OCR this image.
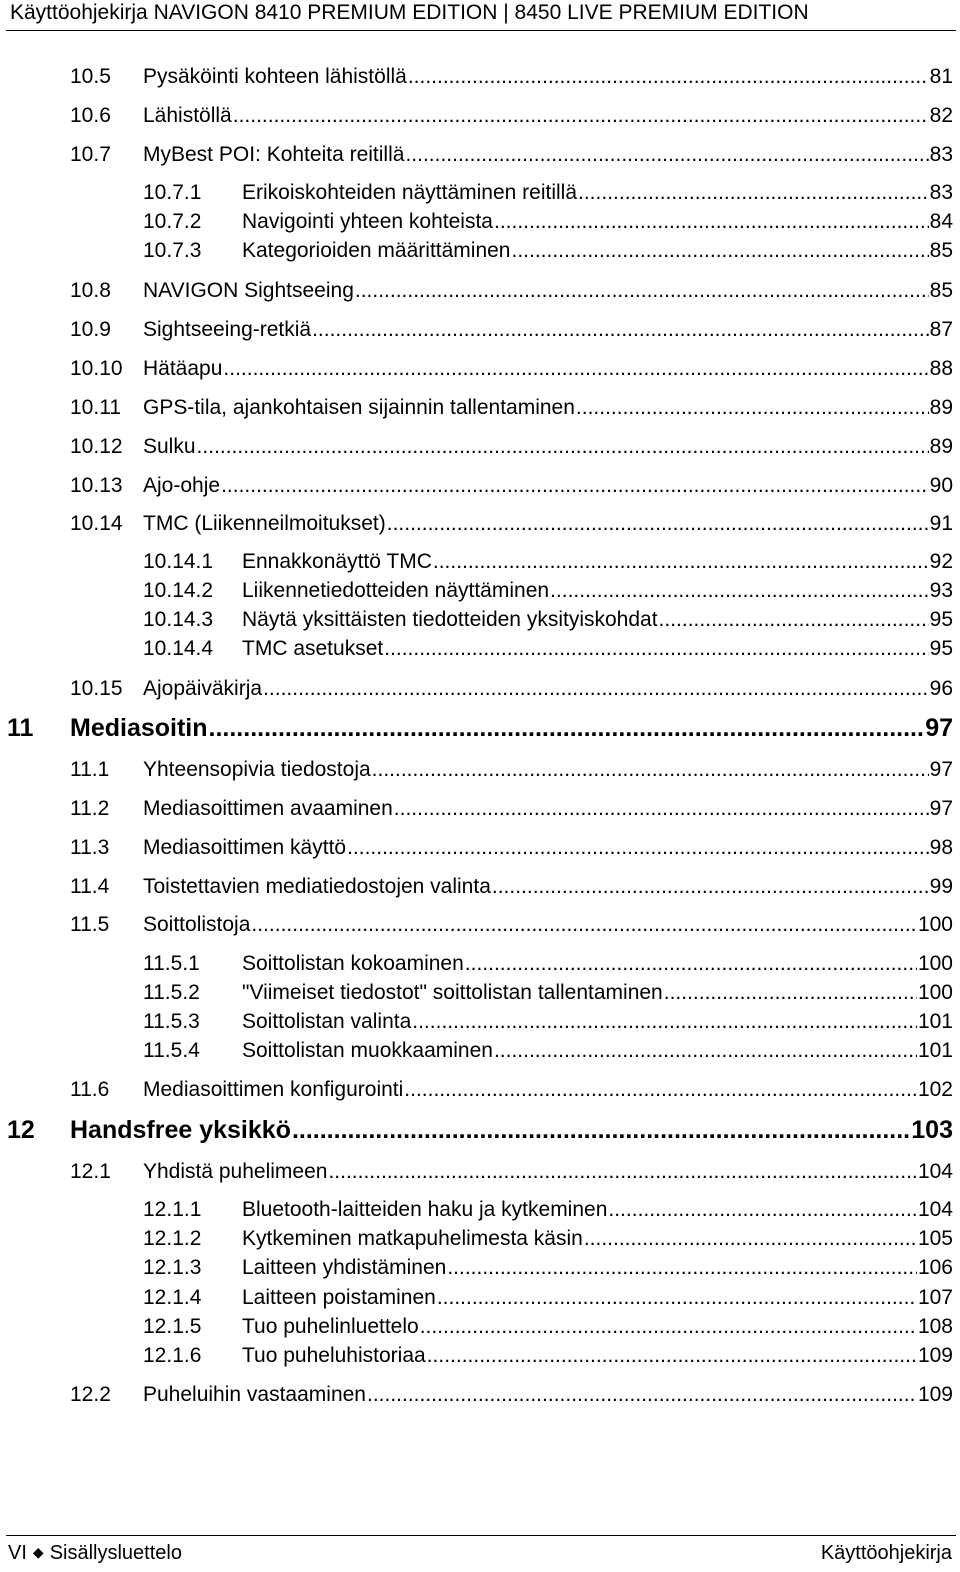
Käyttöohjekirja NAVIGON 8410 PREMIUM EDITION | 8450 LIVE PREMIUM EDITION
10.5	Pysäköinti kohteen lähistöllä .....	81
10.6	Lähistöllä .....	82
10.7	MyBest POI: Kohteita reitillä .....	83
10.7.1	Erikoiskohteiden näyttäminen reitillä .....	83
10.7.2	Navigointi yhteen kohteista .....	84
10.7.3	Kategorioiden määrittäminen .....	85
10.8	NAVIGON Sightseeing .....	85
10.9	Sightseeing-retkiä .....	87
10.10 Hätäapu .....	88
10.11	GPS-tila, ajankohtaisen sijainnin tallentaminen .....	89
10.12 Sulku .....	89
10.13 Ajo-ohje .....	90
10.14 TMC (Liikenneilmoitukset) .....	91
10.14.1	Ennakkonäyttö TMC .....	92
10.14.2	Liikennetiedotteiden näyttäminen .....	93
10.14.3	Näytä yksittäisten tiedotteiden yksityiskohdat .....	95
10.14.4	TMC asetukset .....	95
10.15 Ajopäiväkirja .....	96
11	Mediasoitin .....	97
11.1	Yhteensopivia tiedostoja .....	97
11.2	Mediasoittimen avaaminen .....	97
11.3	Mediasoittimen käyttö .....	98
11.4	Toistettavien mediatiedostojen valinta .....	99
11.5	Soittolistoja .....	100
11.5.1	Soittolistan kokoaminen .....	100
11.5.2	"Viimeiset tiedostot" soittolistan tallentaminen .....	100
11.5.3	Soittolistan valinta .....	101
11.5.4	Soittolistan muokkaaminen .....	101
11.6	Mediasoittimen konfigurointi .....	102
12	Handsfree yksikkö .....	103
12.1	Yhdistä puhelimeen .....	104
12.1.1	Bluetooth-laitteiden haku ja kytkeminen .....	104
12.1.2	Kytkeminen matkapuhelimesta käsin .....	105
12.1.3	Laitteen yhdistäminen .....	106
12.1.4	Laitteen poistaminen .....	107
12.1.5	Tuo puhelinluettelo .....	108
12.1.6	Tuo puheluhistoriaa .....	109
12.2	Puheluihin vastaaminen .....	109
VI ◆ Sisällysluettelo	Käyttöohjekirja
